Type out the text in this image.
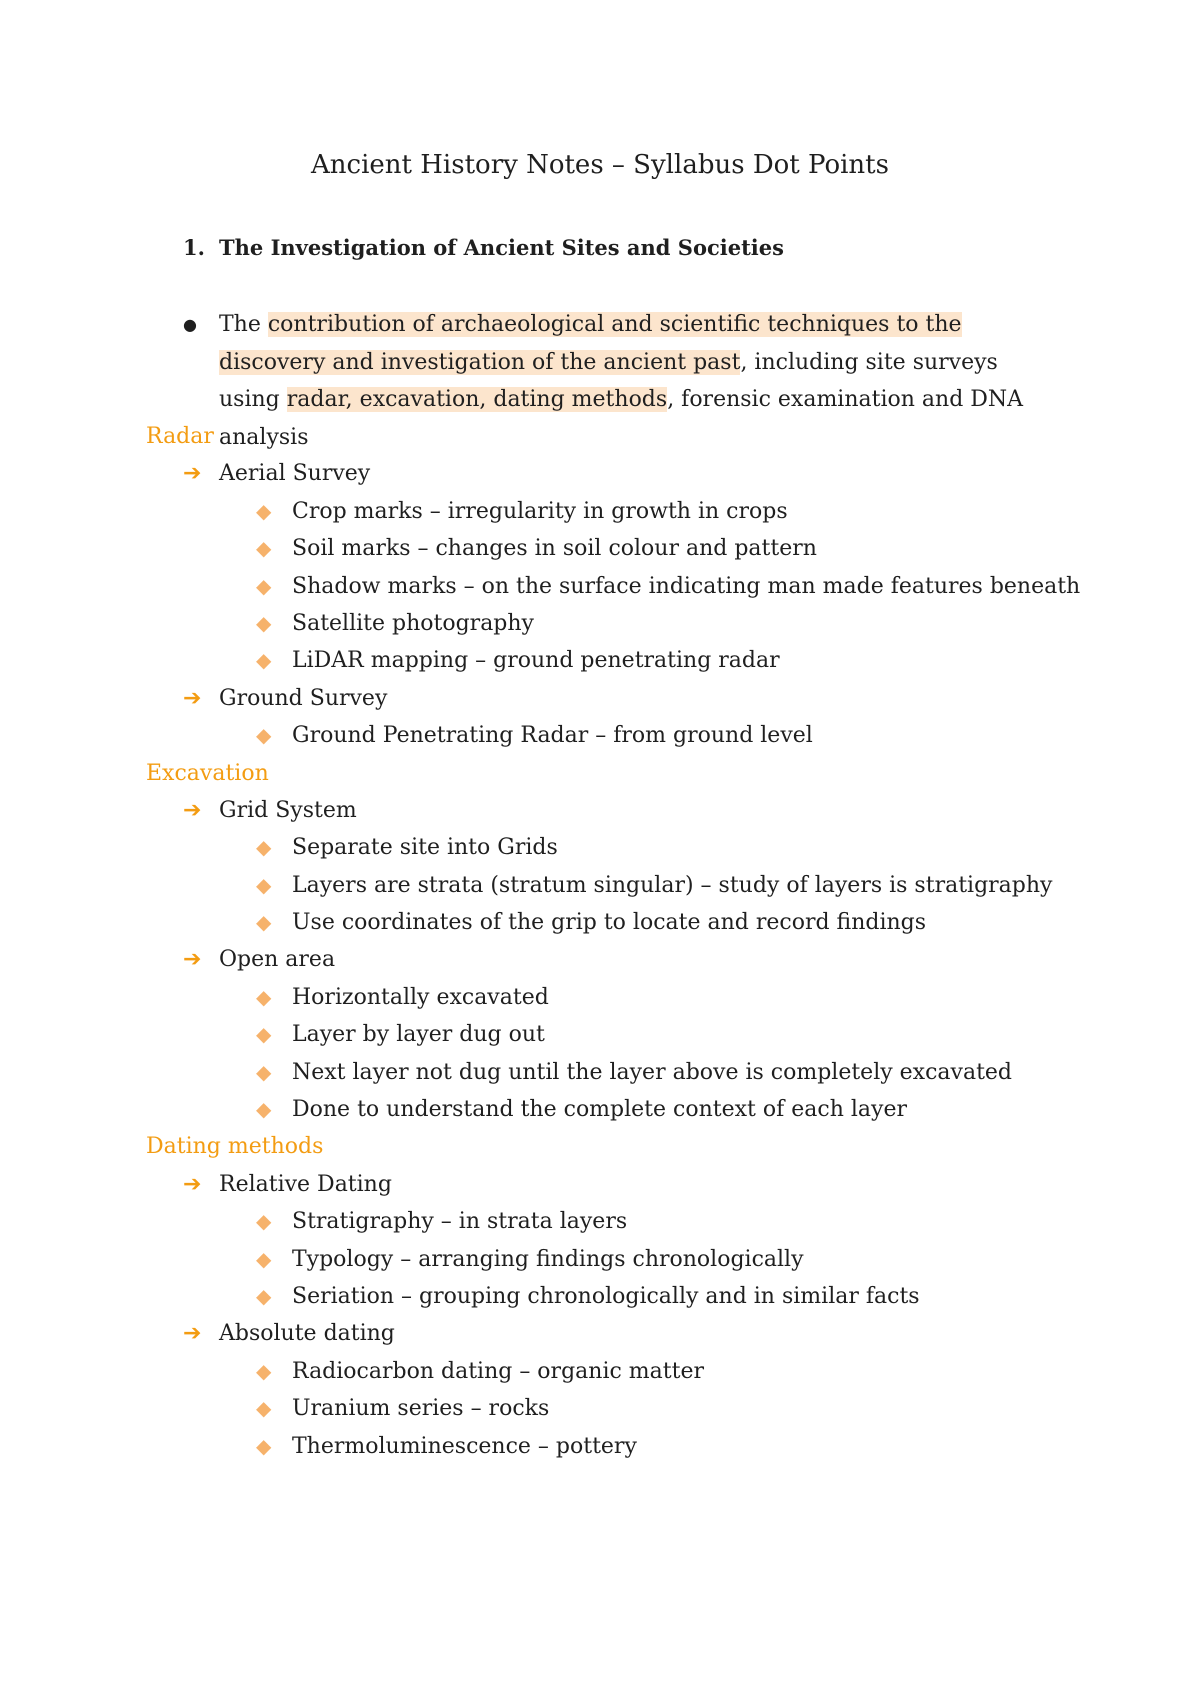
Ancient History Notes – Syllabus Dot Points
1. The Investigation of Ancient Sites and Societies
●	The contribution of archaeological and scientific techniques to the discovery and investigation of the ancient past, including site surveys using radar, excavation, dating methods, forensic examination and DNA analysis
Radar
➔ Aerial Survey
◆ Crop marks – irregularity in growth in crops
◆ Soil marks – changes in soil colour and pattern
◆ Shadow marks – on the surface indicating man made features beneath
◆ Satellite photography
◆ LiDAR mapping – ground penetrating radar
➔ Ground Survey
◆ Ground Penetrating Radar – from ground level
Excavation
➔ Grid System
◆ Separate site into Grids
◆ Layers are strata (stratum singular) – study of layers is stratigraphy
◆ Use coordinates of the grip to locate and record findings
➔ Open area
◆ Horizontally excavated
◆ Layer by layer dug out
◆ Next layer not dug until the layer above is completely excavated
◆ Done to understand the complete context of each layer
Dating methods
➔ Relative Dating
◆ Stratigraphy – in strata layers
◆ Typology – arranging findings chronologically
◆ Seriation – grouping chronologically and in similar facts
➔ Absolute dating
◆ Radiocarbon dating – organic matter
◆ Uranium series – rocks
◆ Thermoluminescence – pottery
